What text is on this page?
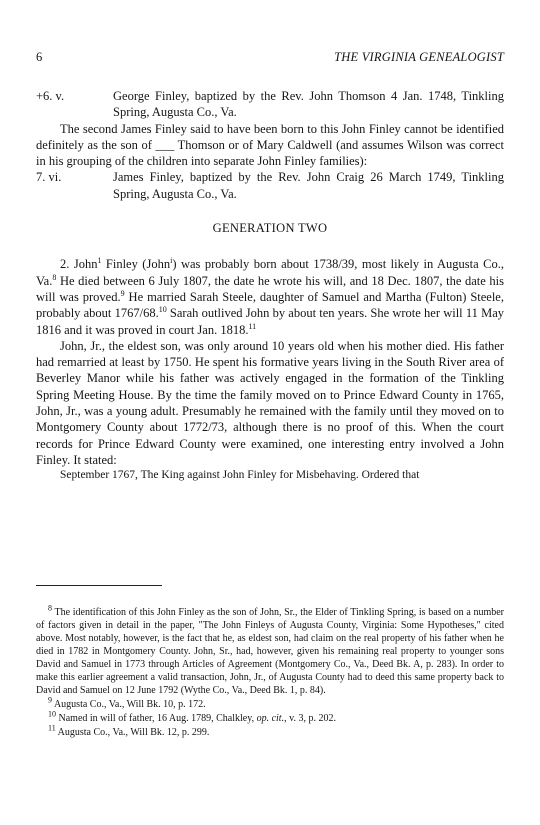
6	THE VIRGINIA GENEALOGIST

+6. v.	George Finley, baptized by the Rev. John Thomson 4 Jan. 1748, Tinkling Spring, Augusta Co., Va.

The second James Finley said to have been born to this John Finley cannot be identified definitely as the son of ___ Thomson or of Mary Caldwell (and assumes Wilson was correct in his grouping of the children into separate John Finley families):

7. vi.	James Finley, baptized by the Rev. John Craig 26 March 1749, Tinkling Spring, Augusta Co., Va.

GENERATION TWO

2. John$^1$ Finley (John$^i$) was probably born about 1738/39, most likely in Augusta Co., Va.$^8$ He died between 6 July 1807, the date he wrote his will, and 18 Dec. 1807, the date his will was proved.$^9$ He married Sarah Steele, daughter of Samuel and Martha (Fulton) Steele, probably about 1767/68.10 Sarah outlived John by about ten years. She wrote her will 11 May 1816 and it was proved in court Jan. 1818.11

John, Jr., the eldest son, was only around 10 years old when his mother died. His father had remarried at least by 1750. He spent his formative years living in the South River area of Beverley Manor while his father was actively engaged in the formation of the Tinkling Spring Meeting House. By the time the family moved on to Prince Edward County in 1765, John, Jr., was a young adult. Presumably he remained with the family until they moved on to Montgomery County about 1772/73, although there is no proof of this. When the court records for Prince Edward County were examined, one interesting entry involved a John Finley. It stated:

September 1767, The King against John Finley for Misbehaving. Ordered that

$^8$ The identification of this John Finley as the son of John, Sr., the Elder of Tinkling Spring, is based on a number of factors given in detail in the paper, "The John Finleys of Augusta County, Virginia: Some Hypotheses," cited above. Most notably, however, is the fact that he, as eldest son, had claim on the real property of his father when he died in 1782 in Montgomery County. John, Sr., had, however, given his remaining real property to younger sons David and Samuel in 1773 through Articles of Agreement (Montgomery Co., Va., Deed Bk. A, p. 283). In order to make this earlier agreement a valid transaction, John, Jr., of Augusta County had to deed this same property back to David and Samuel on 12 June 1792 (Wythe Co., Va., Deed Bk. 1, p. 84).

$^9$ Augusta Co., Va., Will Bk. 10, p. 172.

$^{10}$ Named in will of father, 16 Aug. 1789, Chalkley, op. cit., v. 3, p. 202.

$^{11}$ Augusta Co., Va., Will Bk. 12, p. 299.
